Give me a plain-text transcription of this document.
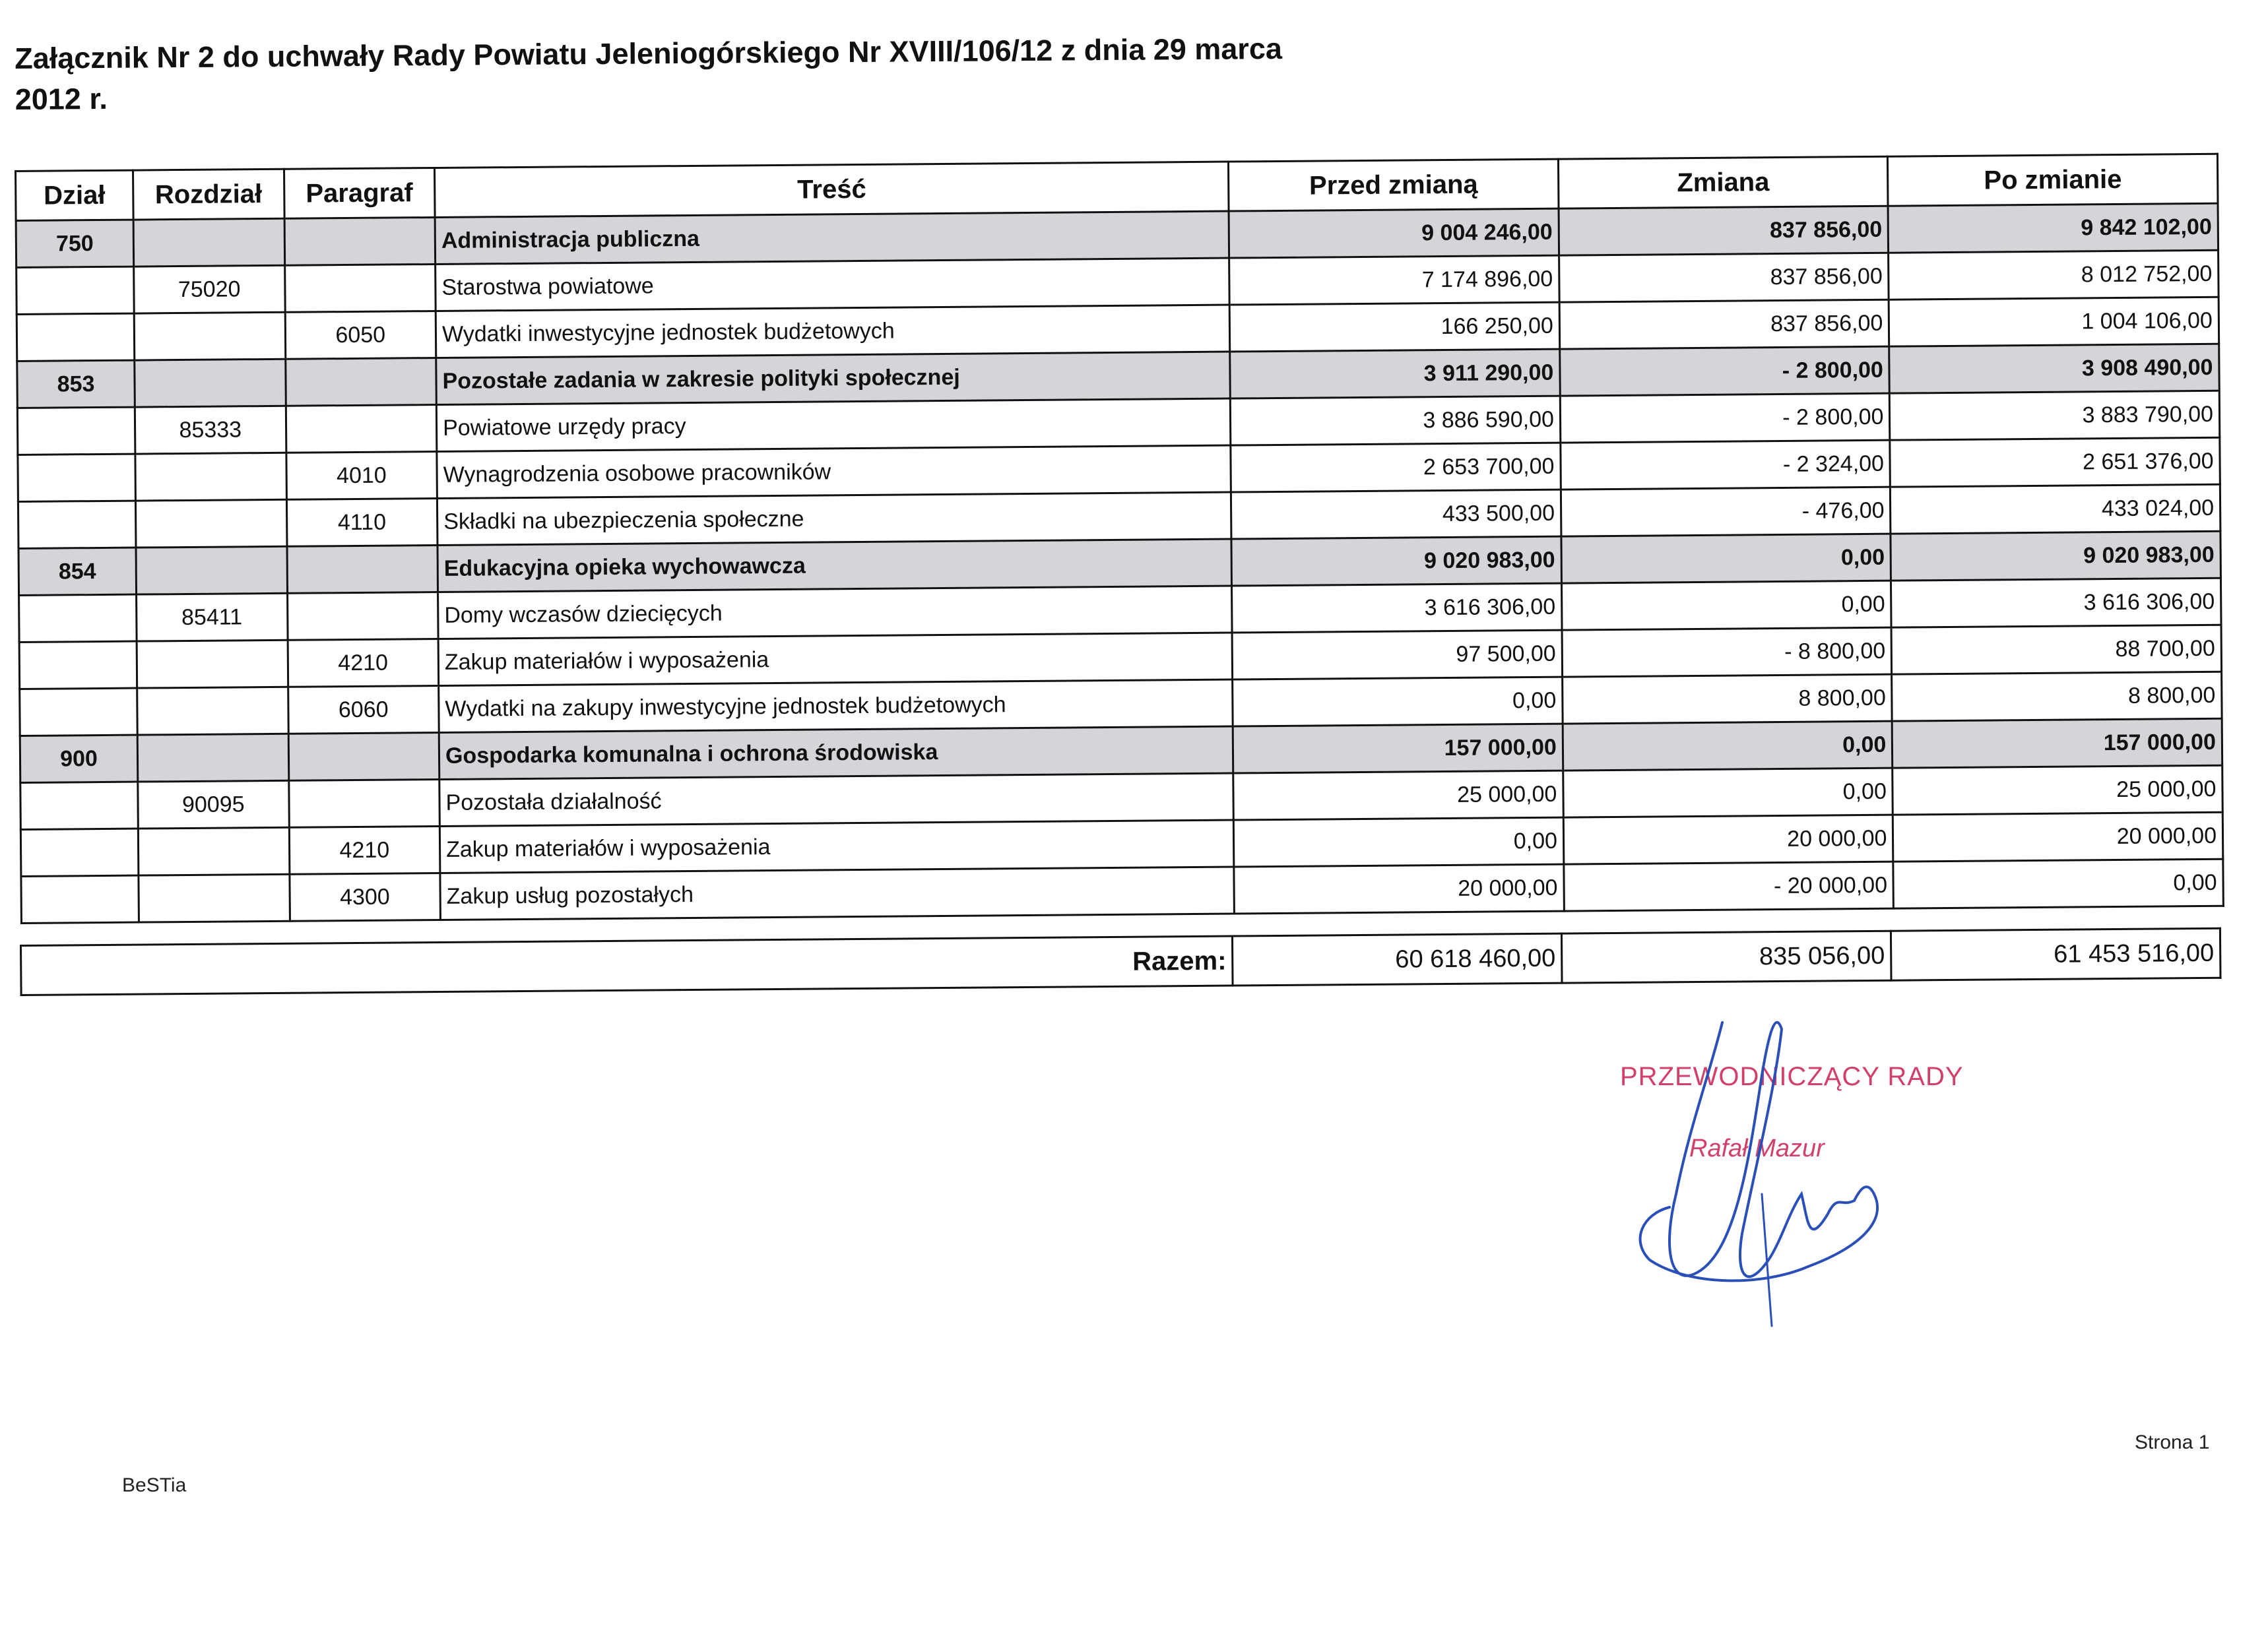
Załącznik Nr 2 do uchwały Rady Powiatu Jeleniogórskiego Nr XVIII/106/12 z dnia 29 marca
2012 r.
Dział	Rozdział	Paragraf	Treść	Przed zmianą	Zmiana	Po zmianie
750			Administracja publiczna	9 004 246,00	837 856,00	9 842 102,00
	75020		Starostwa powiatowe	7 174 896,00	837 856,00	8 012 752,00
		6050	Wydatki inwestycyjne jednostek budżetowych	166 250,00	837 856,00	1 004 106,00
853			Pozostałe zadania w zakresie polityki społecznej	3 911 290,00	- 2 800,00	3 908 490,00
	85333		Powiatowe urzędy pracy	3 886 590,00	- 2 800,00	3 883 790,00
		4010	Wynagrodzenia osobowe pracowników	2 653 700,00	- 2 324,00	2 651 376,00
		4110	Składki na ubezpieczenia społeczne	433 500,00	- 476,00	433 024,00
854			Edukacyjna opieka wychowawcza	9 020 983,00	0,00	9 020 983,00
	85411		Domy wczasów dziecięcych	3 616 306,00	0,00	3 616 306,00
		4210	Zakup materiałów i wyposażenia	97 500,00	- 8 800,00	88 700,00
		6060	Wydatki na zakupy inwestycyjne jednostek budżetowych	0,00	8 800,00	8 800,00
900			Gospodarka komunalna i ochrona środowiska	157 000,00	0,00	157 000,00
	90095		Pozostała działalność	25 000,00	0,00	25 000,00
		4210	Zakup materiałów i wyposażenia	0,00	20 000,00	20 000,00
		4300	Zakup usług pozostałych	20 000,00	- 20 000,00	0,00
Razem:	60 618 460,00	835 056,00	61 453 516,00
PRZEWODNICZĄCY RADY
Rafał Mazur
Strona 1
BeSTia
